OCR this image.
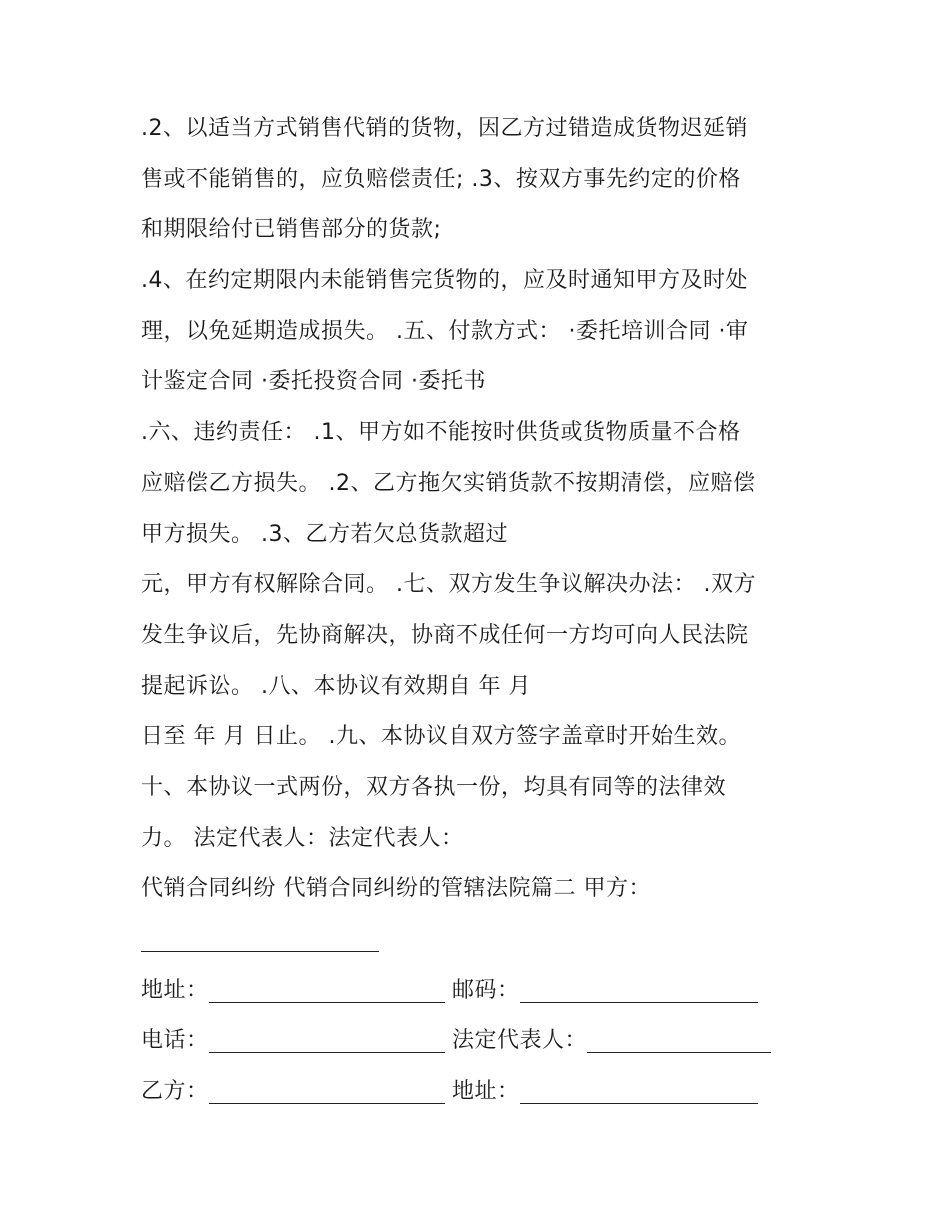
.2、以适当方式销售代销的货物，因乙方过错造成货物迟延销
售或不能销售的，应负赔偿责任; .3、按双方事先约定的价格
和期限给付已销售部分的货款;
.4、在约定期限内未能销售完货物的，应及时通知甲方及时处
理，以免延期造成损失。 .五、付款方式： ·委托培训合同 ·审
计鉴定合同 ·委托投资合同 ·委托书
.六、违约责任： .1、甲方如不能按时供货或货物质量不合格
应赔偿乙方损失。 .2、乙方拖欠实销货款不按期清偿，应赔偿
甲方损失。 .3、乙方若欠总货款超过
元，甲方有权解除合同。 .七、双方发生争议解决办法： .双方
发生争议后，先协商解决，协商不成任何一方均可向人民法院
提起诉讼。 .八、本协议有效期自 年 月
日至 年 月 日止。 .九、本协议自双方签字盖章时开始生效。
十、本协议一式两份，双方各执一份，均具有同等的法律效
力。 法定代表人：法定代表人：
代销合同纠纷 代销合同纠纷的管辖法院篇二 甲方：
地址：	邮码：
电话：	法定代表人：
乙方：	地址：
